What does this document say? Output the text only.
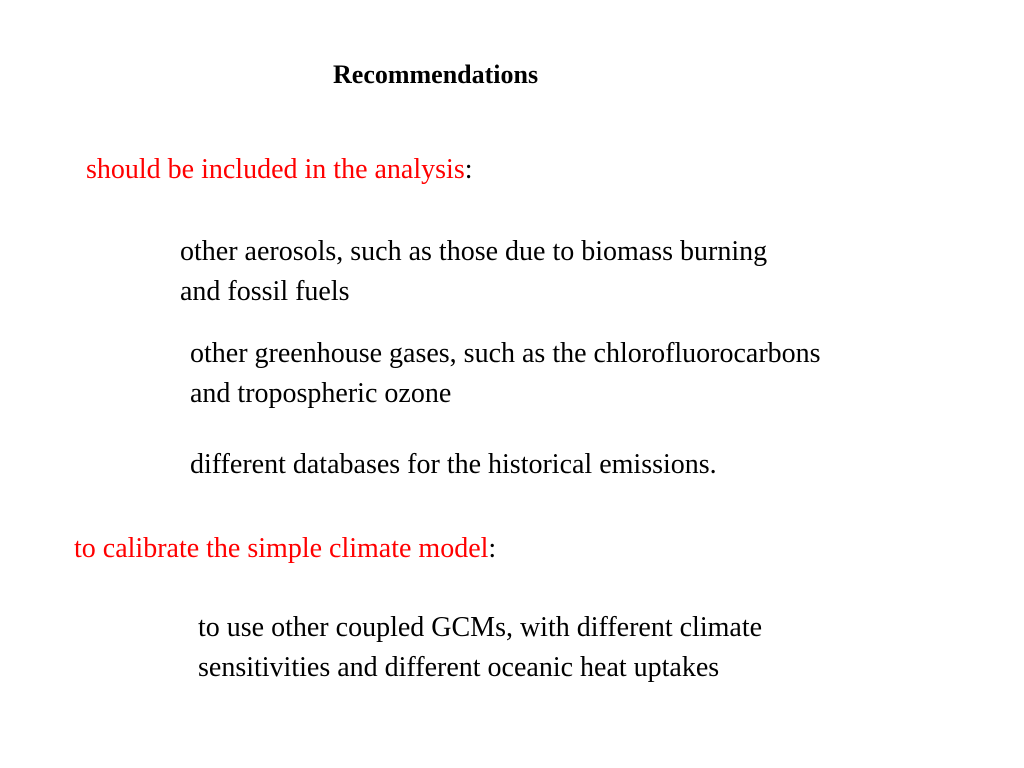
Recommendations
should be included in the analysis:
other aerosols, such as those due to biomass burning
and fossil fuels
other greenhouse gases, such as the chlorofluorocarbons
and tropospheric ozone
different databases for the historical emissions.
to calibrate the simple climate model:
to use other coupled GCMs, with different climate
sensitivities and different oceanic heat uptakes
